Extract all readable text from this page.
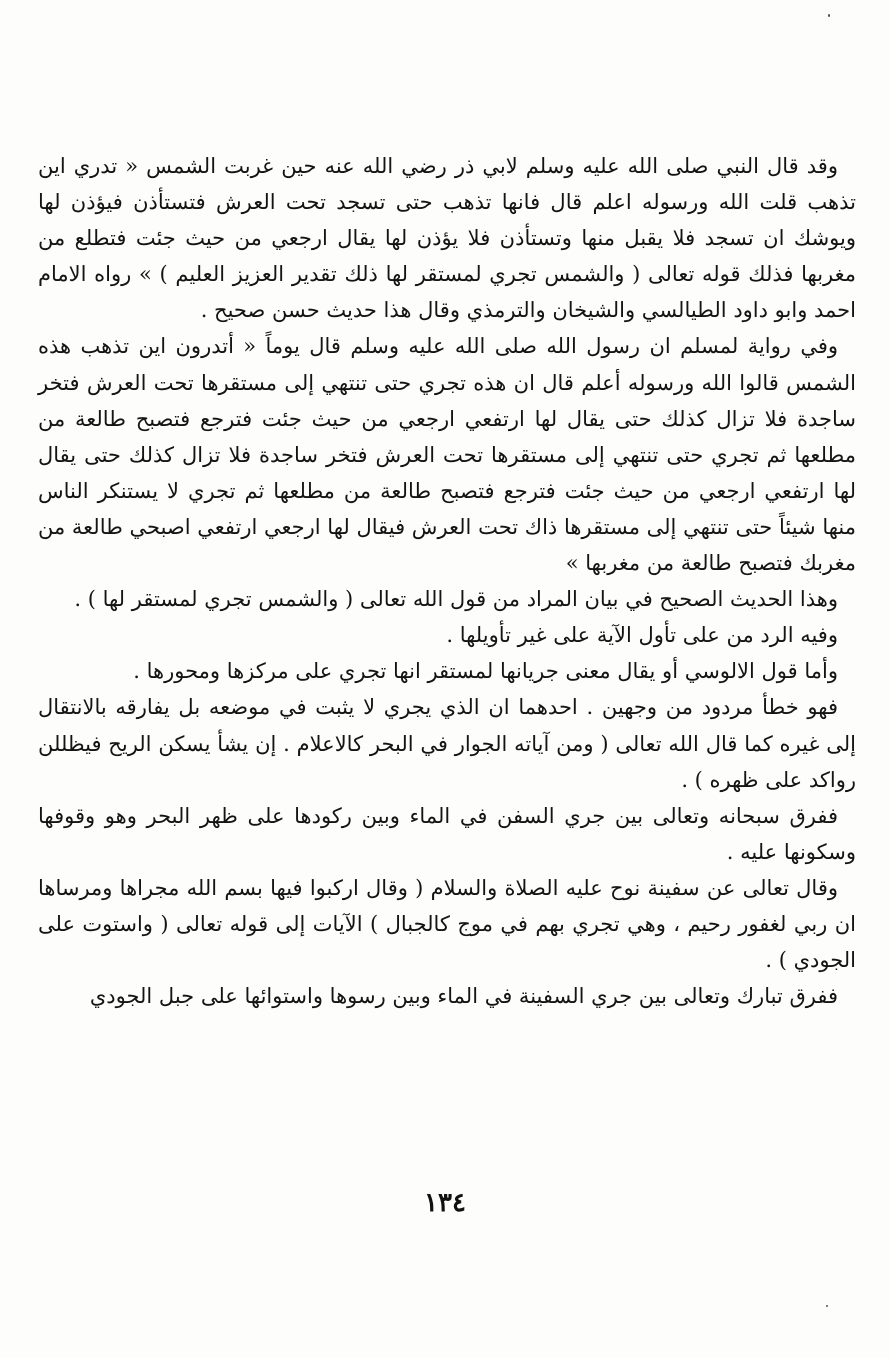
وقد قال النبي صلى الله عليه وسلم لابي ذر رضي الله عنه حين غربت الشمس « تدري اين تذهب قلت الله ورسوله اعلم قال فانها تذهب حتى تسجد تحت العرش فتستأذن فيؤذن لها ويوشك ان تسجد فلا يقبل منها وتستأذن فلا يؤذن لها يقال ارجعي من حيث جئت فتطلع من مغربها فذلك قوله تعالى ( والشمس تجري لمستقر لها ذلك تقدير العزيز العليم ) » رواه الامام احمد وابو داود الطيالسي والشيخان والترمذي وقال هذا حديث حسن صحيح .

وفي رواية لمسلم ان رسول الله صلى الله عليه وسلم قال يوماً « أتدرون اين تذهب هذه الشمس قالوا الله ورسوله أعلم قال ان هذه تجري حتى تنتهي إلى مستقرها تحت العرش فتخر ساجدة فلا تزال كذلك حتى يقال لها ارتفعي ارجعي من حيث جئت فترجع فتصبح طالعة من مطلعها ثم تجري حتى تنتهي إلى مستقرها تحت العرش فتخر ساجدة فلا تزال كذلك حتى يقال لها ارتفعي ارجعي من حيث جئت فترجع فتصبح طالعة من مطلعها ثم تجري لا يستنكر الناس منها شيئاً حتى تنتهي إلى مستقرها ذاك تحت العرش فيقال لها ارجعي ارتفعي اصبحي طالعة من مغربك فتصبح طالعة من مغربها »

وهذا الحديث الصحيح في بيان المراد من قول الله تعالى ( والشمس تجري لمستقر لها ) .

وفيه الرد من على تأول الآية على غير تأويلها .

وأما قول الالوسي أو يقال معنى جريانها لمستقر انها تجري على مركزها ومحورها .

فهو خطأ مردود من وجهين . احدهما ان الذي يجري لا يثبت في موضعه بل يفارقه بالانتقال إلى غيره كما قال الله تعالى ( ومن آياته الجوار في البحر كالاعلام . إن يشأ يسكن الريح فيظللن رواكد على ظهره ) .

ففرق سبحانه وتعالى بين جري السفن في الماء وبين ركودها على ظهر البحر وهو وقوفها وسكونها عليه .

وقال تعالى عن سفينة نوح عليه الصلاة والسلام ( وقال اركبوا فيها بسم الله مجراها ومرساها ان ربي لغفور رحيم ، وهي تجري بهم في موج كالجبال ) الآيات إلى قوله تعالى ( واستوت على الجودي ) .

ففرق تبارك وتعالى بين جري السفينة في الماء وبين رسوها واستوائها على جبل الجودي

١٣٤
